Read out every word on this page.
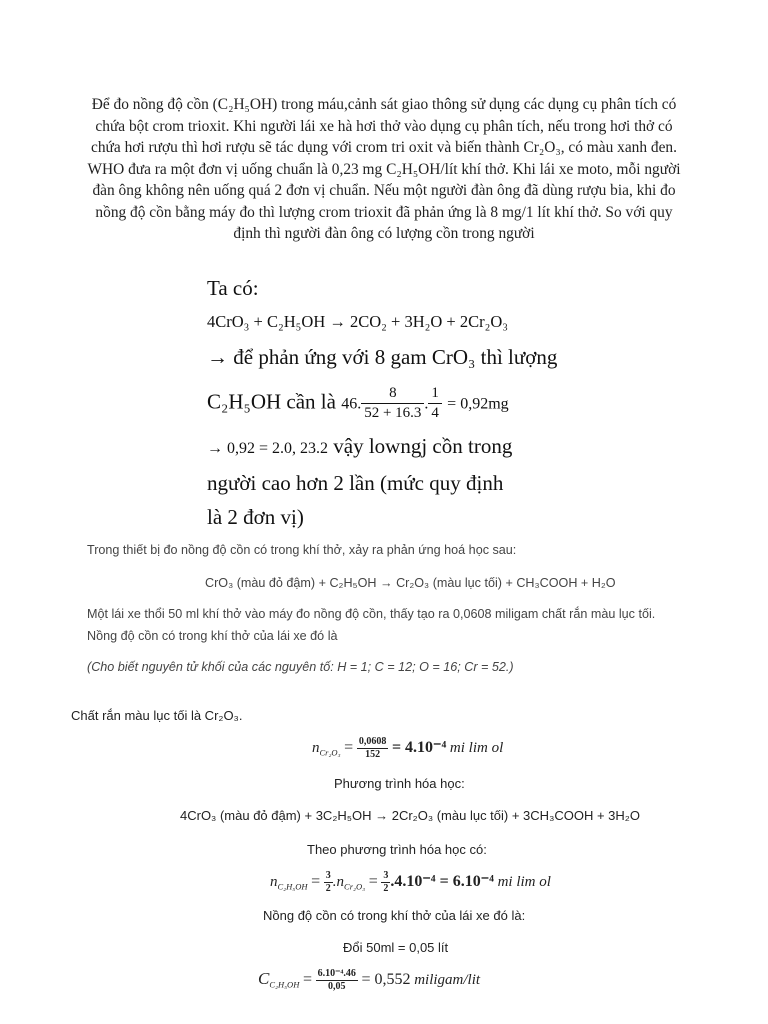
Để đo nồng độ cồn (C₂H₅OH) trong máu,cảnh sát giao thông sử dụng các dụng cụ phân tích có chứa bột crom trioxit. Khi người lái xe hà hơi thở vào dụng cụ phân tích, nếu trong hơi thở có chứa hơi rượu thì hơi rượu sẽ tác dụng với crom tri oxit và biến thành Cr₂O₃, có màu xanh đen. WHO đưa ra một đơn vị uống chuẩn là 0,23 mg C₂H₅OH/lít khí thở. Khi lái xe moto, mỗi người đàn ông không nên uống quá 2 đơn vị chuẩn. Nếu một người đàn ông đã dùng rượu bia, khi đo nồng độ cồn bằng máy đo thì lượng crom trioxit đã phản ứng là 8 mg/1 lít khí thở. So với quy định thì người đàn ông có lượng cồn trong người
Ta có:
4CrO₃ + C₂H₅OH → 2CO₂ + 3H₂O + 2Cr₂O₃
→ để phản ứng với 8 gam CrO₃ thì lượng
C₂H₅OH cần là 46. $\frac{8}{52 + 16.3}$ . $\frac{1}{4} = 0,92mg$
→ 0,92 = 2.0, 23.2 vậy lowngj cồn trong
người cao hơn 2 lần (mức quy định
là 2 đơn vị)
Trong thiết bị đo nồng độ cồn có trong khí thở, xảy ra phản ứng hoá học sau:
CrO₃ (màu đỏ đậm) + C₂H₅OH → Cr₂O₃ (màu lục tối) + CH₃COOH + H₂O
Một lái xe thổi 50 ml khí thở vào máy đo nồng độ cồn, thấy tạo ra 0,0608 miligam chất rắn màu lục tối.
Nồng độ cồn có trong khí thở của lái xe đó là
(Cho biết nguyên tử khối của các nguyên tố: H = 1; C = 12; O = 16; Cr = 52.)
Chất rắn màu lục tối là Cr₂O₃.
$n_{Cr_2O_3} = \frac{0,0608}{152} = 4.10^{-4}$ mi lim ol
Phương trình hóa học:
4CrO₃ (màu đỏ đậm) + 3C₂H₅OH → 2Cr₂O₃ (màu lục tối) + 3CH₃COOH + 3H₂O
Theo phương trình hóa học có:
$n_{C_2H_5OH} = \frac{3}{2} .n_{Cr_2O_3} = \frac{3}{2} .4.10^{-4} = 6.10^{-4}$ mi lim ol
Nồng độ cồn có trong khí thở của lái xe đó là:
Đổi 50ml = 0,05 lít
$C_{C_2H_5OH} = \frac{\text{6.10⁻⁴.46}}{0,05} = 0,552$ miligam/lit
